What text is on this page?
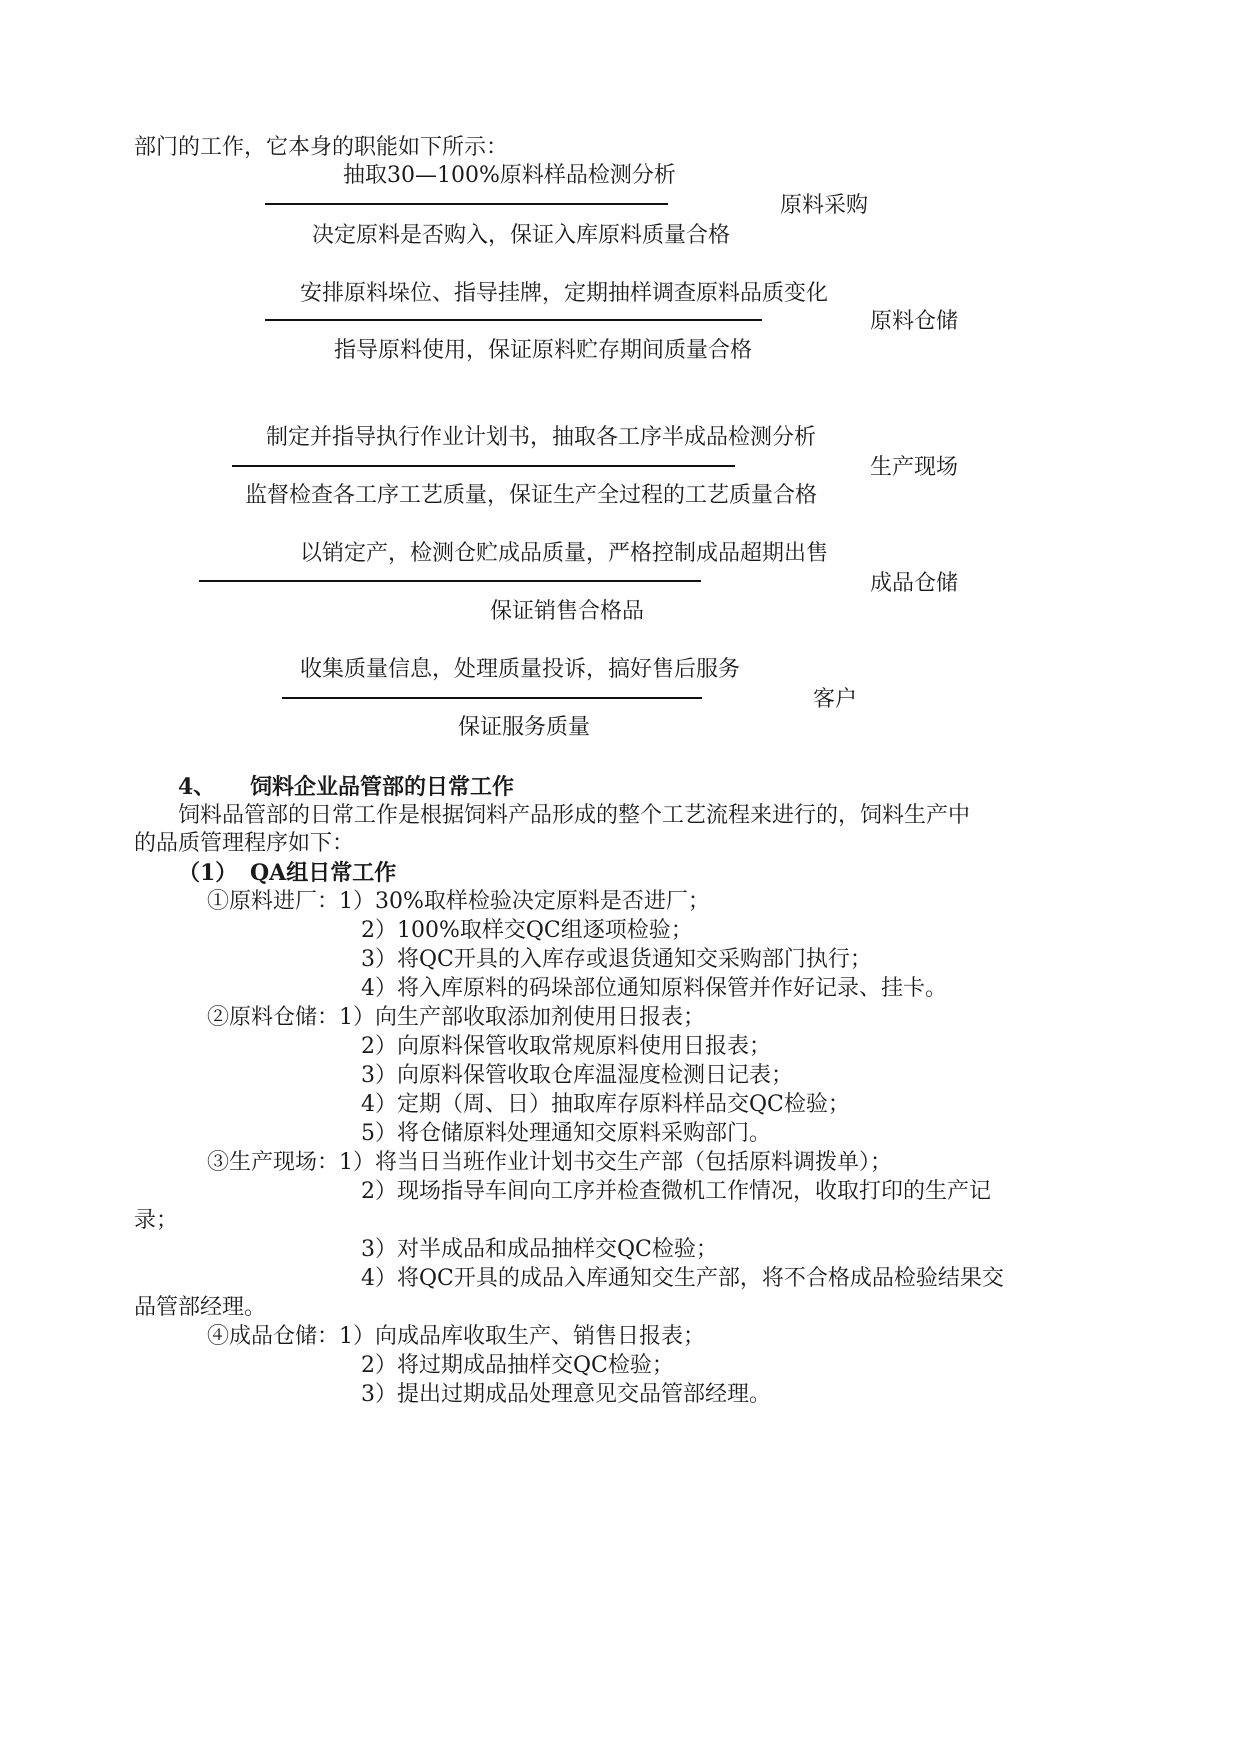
部门的工作，它本身的职能如下所示：
抽取30—100%原料样品检测分析
原料采购
决定原料是否购入，保证入库原料质量合格
安排原料垛位、指导挂牌，定期抽样调查原料品质变化
原料仓储
指导原料使用，保证原料贮存期间质量合格
制定并指导执行作业计划书，抽取各工序半成品检测分析
生产现场
监督检查各工序工艺质量，保证生产全过程的工艺质量合格
以销定产，检测仓贮成品质量，严格控制成品超期出售
成品仓储
保证销售合格品
收集质量信息，处理质量投诉，搞好售后服务
客户
保证服务质量
4、 饲料企业品管部的日常工作
饲料品管部的日常工作是根据饲料产品形成的整个工艺流程来进行的，饲料生产中
的品质管理程序如下：
（1） QA组日常工作
①原料进厂：1）30%取样检验决定原料是否进厂；
2）100%取样交QC组逐项检验；
3）将QC开具的入库存或退货通知交采购部门执行；
4）将入库原料的码垛部位通知原料保管并作好记录、挂卡。
②原料仓储：1）向生产部收取添加剂使用日报表；
2）向原料保管收取常规原料使用日报表；
3）向原料保管收取仓库温湿度检测日记表；
4）定期（周、日）抽取库存原料样品交QC检验；
5）将仓储原料处理通知交原料采购部门。
③生产现场：1）将当日当班作业计划书交生产部（包括原料调拨单）；
2）现场指导车间向工序并检查微机工作情况，收取打印的生产记
录；
3）对半成品和成品抽样交QC检验；
4）将QC开具的成品入库通知交生产部，将不合格成品检验结果交
品管部经理。
④成品仓储：1）向成品库收取生产、销售日报表；
2）将过期成品抽样交QC检验；
3）提出过期成品处理意见交品管部经理。
